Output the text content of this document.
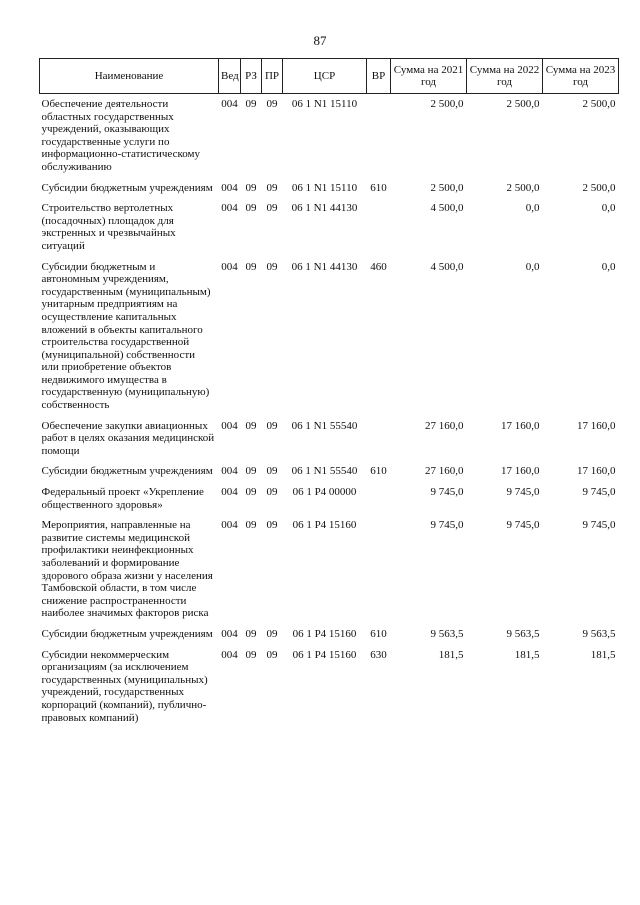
87
Наименование	Вед	РЗ	ПР	ЦСР	ВР	Сумма на 2021 год	Сумма на 2022 год	Сумма на 2023 год
Обеспечение деятельности областных государственных учреждений, оказывающих государственные услуги по информационно-статистическому обслуживанию	004	09	09	06 1 N1 15110		2 500,0	2 500,0	2 500,0
Субсидии бюджетным учреждениям	004	09	09	06 1 N1 15110	610	2 500,0	2 500,0	2 500,0
Строительство вертолетных (посадочных) площадок для экстренных и чрезвычайных ситуаций	004	09	09	06 1 N1 44130		4 500,0	0,0	0,0
Субсидии бюджетным и автономным учреждениям, государственным (муниципальным) унитарным предприятиям на осуществление капитальных вложений в объекты капитального строительства государственной (муниципальной) собственности или приобретение объектов недвижимого имущества в государственную (муниципальную) собственность	004	09	09	06 1 N1 44130	460	4 500,0	0,0	0,0
Обеспечение закупки авиационных работ в целях оказания медицинской помощи	004	09	09	06 1 N1 55540		27 160,0	17 160,0	17 160,0
Субсидии бюджетным учреждениям	004	09	09	06 1 N1 55540	610	27 160,0	17 160,0	17 160,0
Федеральный проект «Укрепление общественного здоровья»	004	09	09	06 1 P4 00000		9 745,0	9 745,0	9 745,0
Мероприятия, направленные на развитие системы медицинской профилактики неинфекционных заболеваний и формирование здорового образа жизни у населения Тамбовской области, в том числе снижение распространенности наиболее значимых факторов риска	004	09	09	06 1 P4 15160		9 745,0	9 745,0	9 745,0
Субсидии бюджетным учреждениям	004	09	09	06 1 P4 15160	610	9 563,5	9 563,5	9 563,5
Субсидии некоммерческим организациям (за исключением государственных (муниципальных) учреждений, государственных корпораций (компаний), публично-правовых компаний)	004	09	09	06 1 P4 15160	630	181,5	181,5	181,5
